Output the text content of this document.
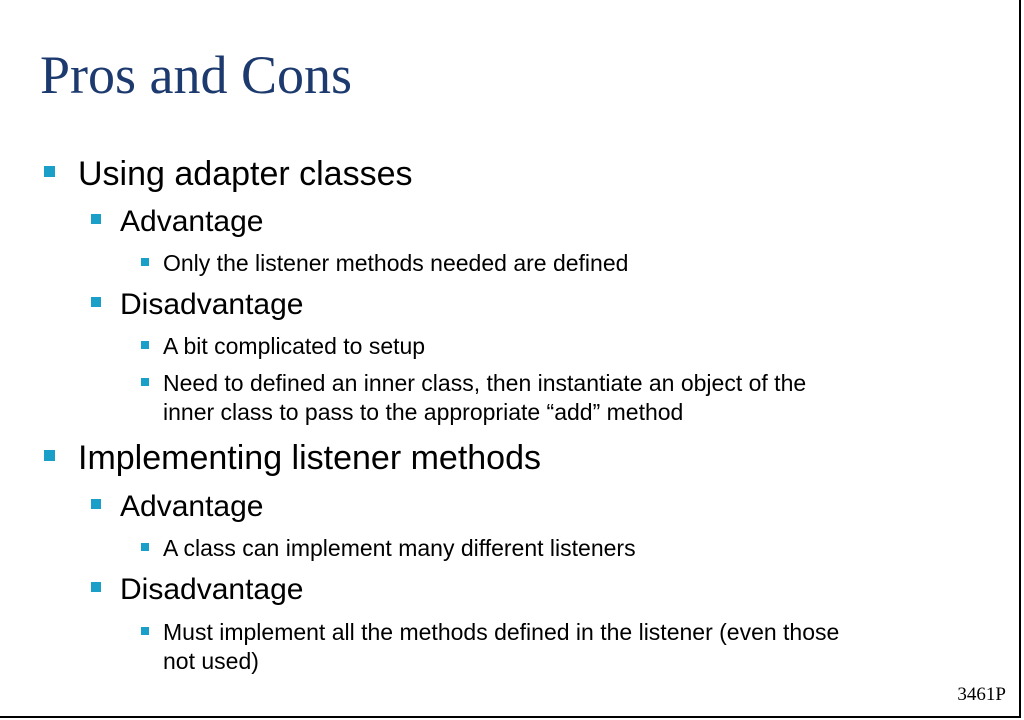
Pros and Cons
Using adapter classes
Advantage
Only the listener methods needed are defined
Disadvantage
A bit complicated to setup
Need to defined an inner class, then instantiate an object of the
inner class to pass to the appropriate “add” method
Implementing listener methods
Advantage
A class can implement many different listeners
Disadvantage
Must implement all the methods defined in the listener (even those
not used)
3461P
